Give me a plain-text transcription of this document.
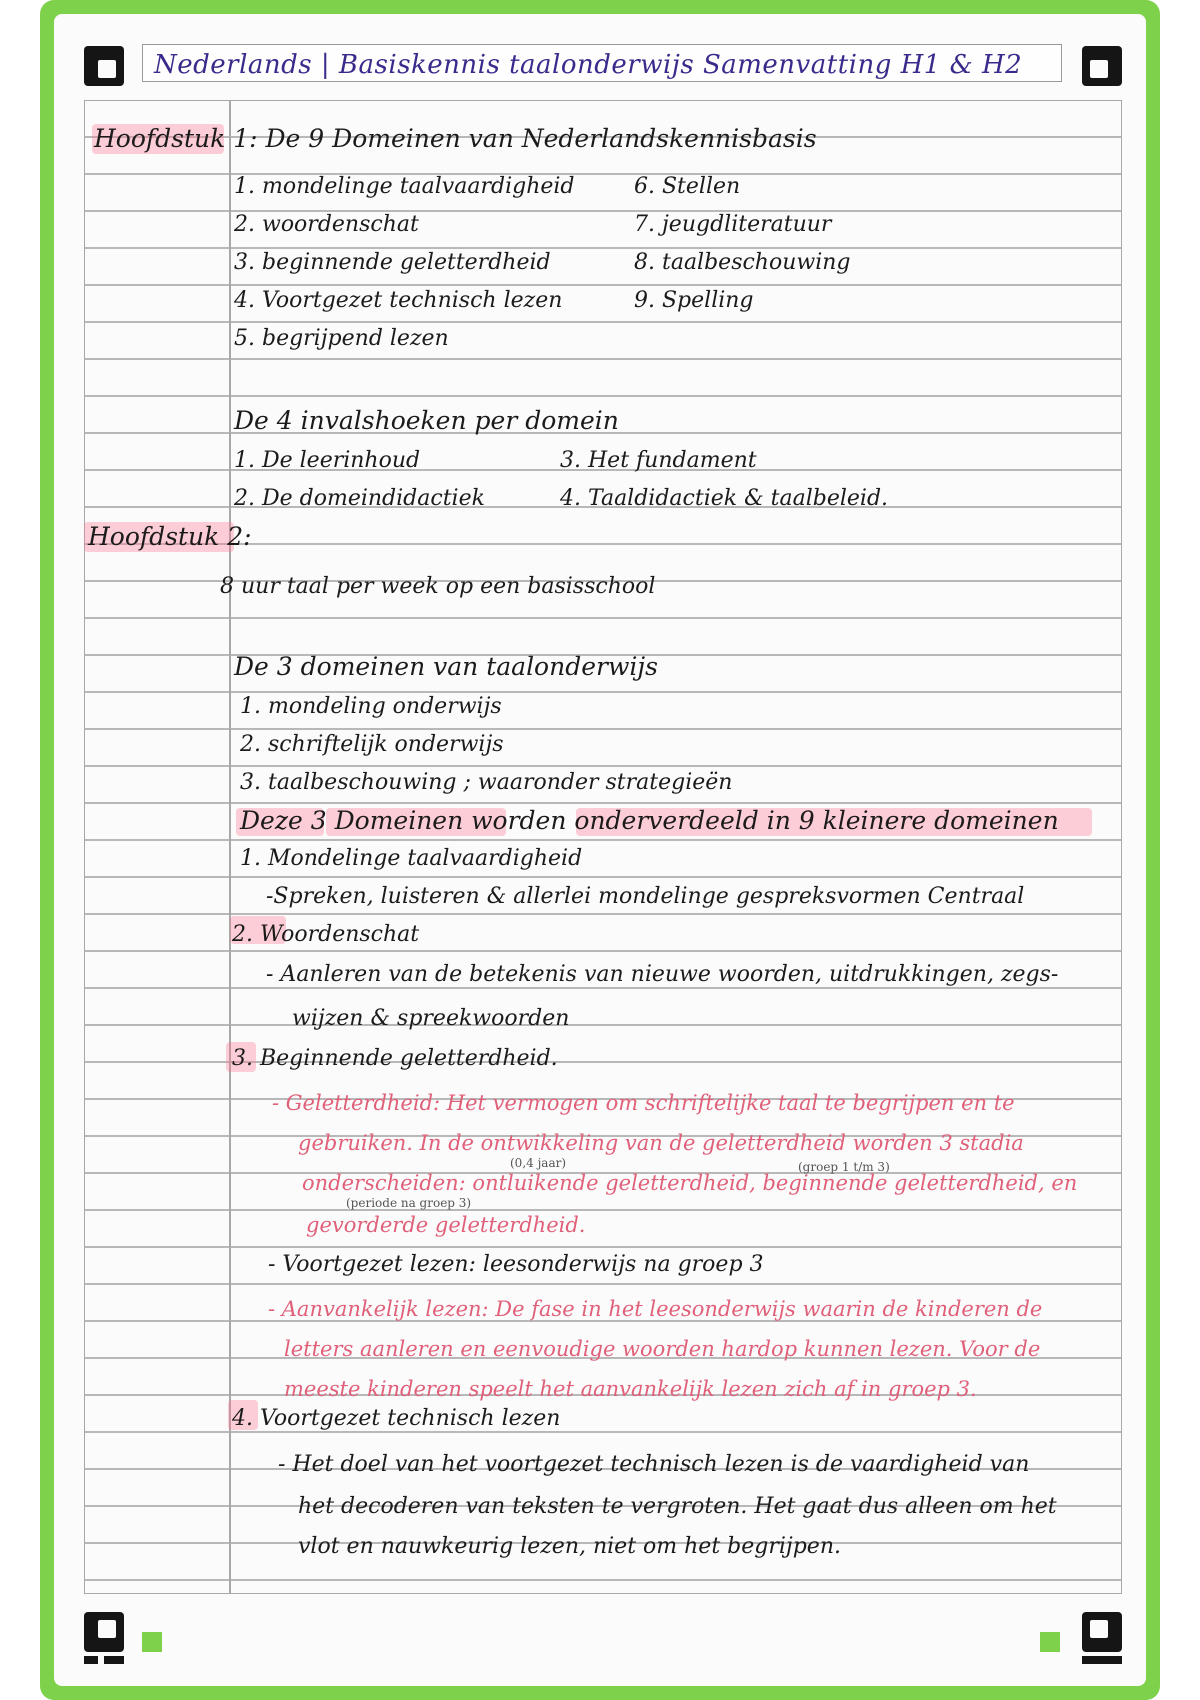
Nederlands | Basiskennis taalonderwijs Samenvatting H1 & H2

Hoofdstuk 1: De 9 Domeinen van Nederlandskennisbasis

1. mondelinge taalvaardigheid

2. woordenschat

3. beginnende geletterdheid

4. Voortgezet technisch lezen

5. begrijpend lezen

6. Stellen

7. jeugdliteratuur

8. taalbeschouwing

9. Spelling

De 4 invalshoeken per domein

1. De leerinhoud

2. De domeindidactiek

3. Het fundament

4. Taaldidactiek & taalbeleid.

Hoofdstuk 2:

8 uur taal per week op een basisschool

De 3 domeinen van taalonderwijs

1. mondeling onderwijs

2. schriftelijk onderwijs

3. taalbeschouwing ; waaronder strategieën

Deze 3 Domeinen worden onderverdeeld in 9 kleinere domeinen

1. Mondelinge taalvaardigheid

-Spreken, luisteren & allerlei mondelinge gespreksvormen Centraal

2. Woordenschat

- Aanleren van de betekenis van nieuwe woorden, uitdrukkingen, zegs-

wijzen & spreekwoorden

3. Beginnende geletterdheid.

- Geletterdheid: Het vermogen om schriftelijke taal te begrijpen en te

gebruiken. In de ontwikkeling van de geletterdheid worden 3 stadia

(0,4 jaar)	(groep 1 t/m 3)

onderscheiden: ontluikende geletterdheid, beginnende geletterdheid, en

(periode na groep 3)

gevorderde geletterdheid.

- Voortgezet lezen: leesonderwijs na groep 3

- Aanvankelijk lezen: De fase in het leesonderwijs waarin de kinderen de

letters aanleren en eenvoudige woorden hardop kunnen lezen. Voor de

meeste kinderen speelt het aanvankelijk lezen zich af in groep 3.

4. Voortgezet technisch lezen

- Het doel van het voortgezet technisch lezen is de vaardigheid van

het decoderen van teksten te vergroten. Het gaat dus alleen om het

vlot en nauwkeurig lezen, niet om het begrijpen.
